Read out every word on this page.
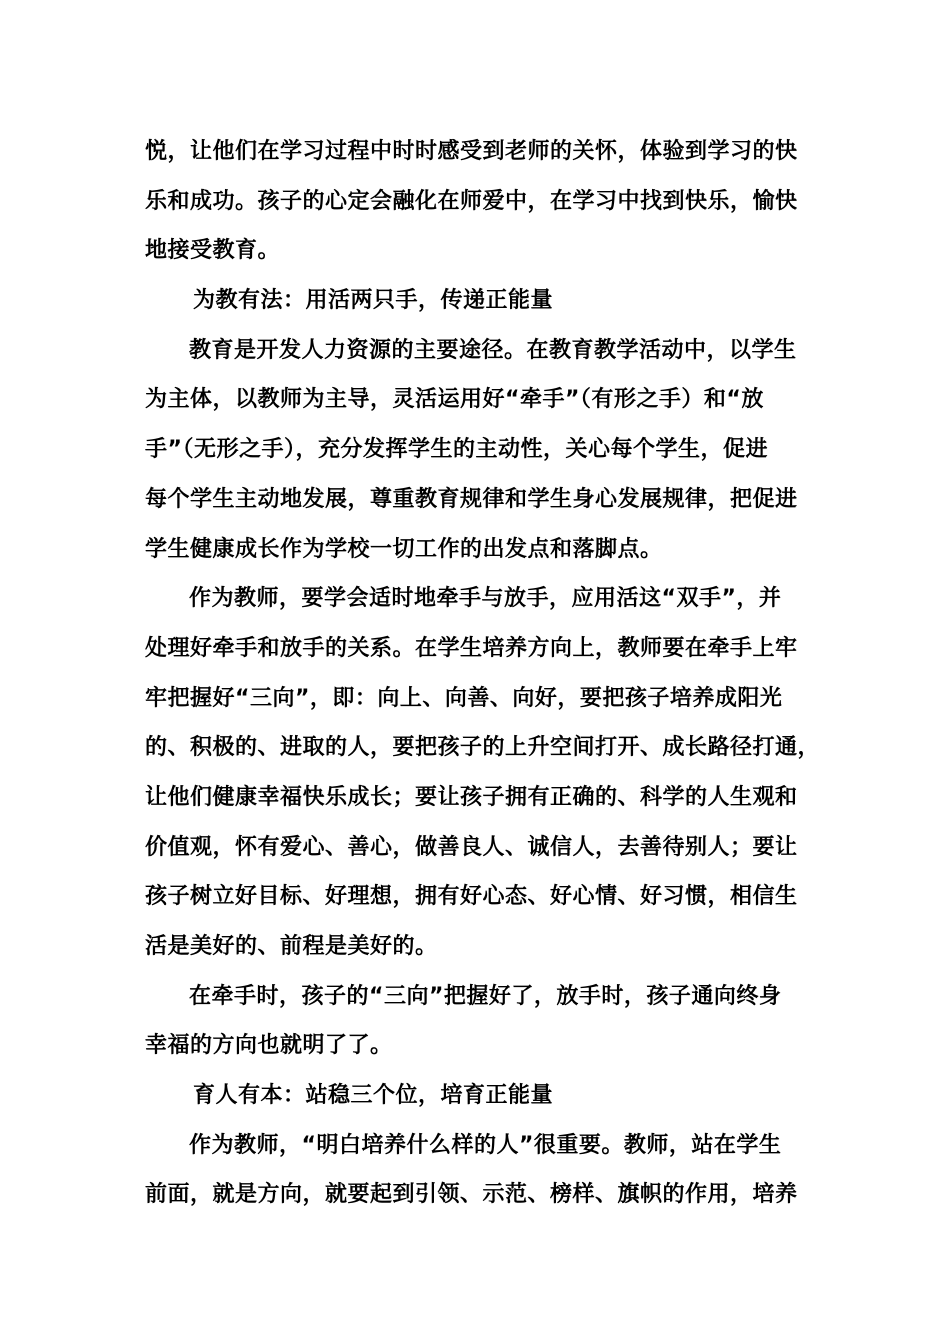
悦，让他们在学习过程中时时感受到老师的关怀，体验到学习的快
乐和成功。孩子的心定会融化在师爱中，在学习中找到快乐，愉快
地接受教育。
为教有法：用活两只手，传递正能量
教育是开发人力资源的主要途径。在教育教学活动中，以学生
为主体，以教师为主导，灵活运用好“牵手”（有形之手）和“放
手”（无形之手），充分发挥学生的主动性，关心每个学生，促进
每个学生主动地发展，尊重教育规律和学生身心发展规律，把促进
学生健康成长作为学校一切工作的出发点和落脚点。
作为教师，要学会适时地牵手与放手，应用活这“双手”，并
处理好牵手和放手的关系。在学生培养方向上，教师要在牵手上牢
牢把握好“三向”，即：向上、向善、向好，要把孩子培养成阳光
的、积极的、进取的人，要把孩子的上升空间打开、成长路径打通，
让他们健康幸福快乐成长；要让孩子拥有正确的、科学的人生观和
价值观，怀有爱心、善心，做善良人、诚信人，去善待别人；要让
孩子树立好目标、好理想，拥有好心态、好心情、好习惯，相信生
活是美好的、前程是美好的。
在牵手时，孩子的“三向”把握好了，放手时，孩子通向终身
幸福的方向也就明了了。
育人有本：站稳三个位，培育正能量
作为教师，“明白培养什么样的人”很重要。教师，站在学生
前面，就是方向，就要起到引领、示范、榜样、旗帜的作用，培养
